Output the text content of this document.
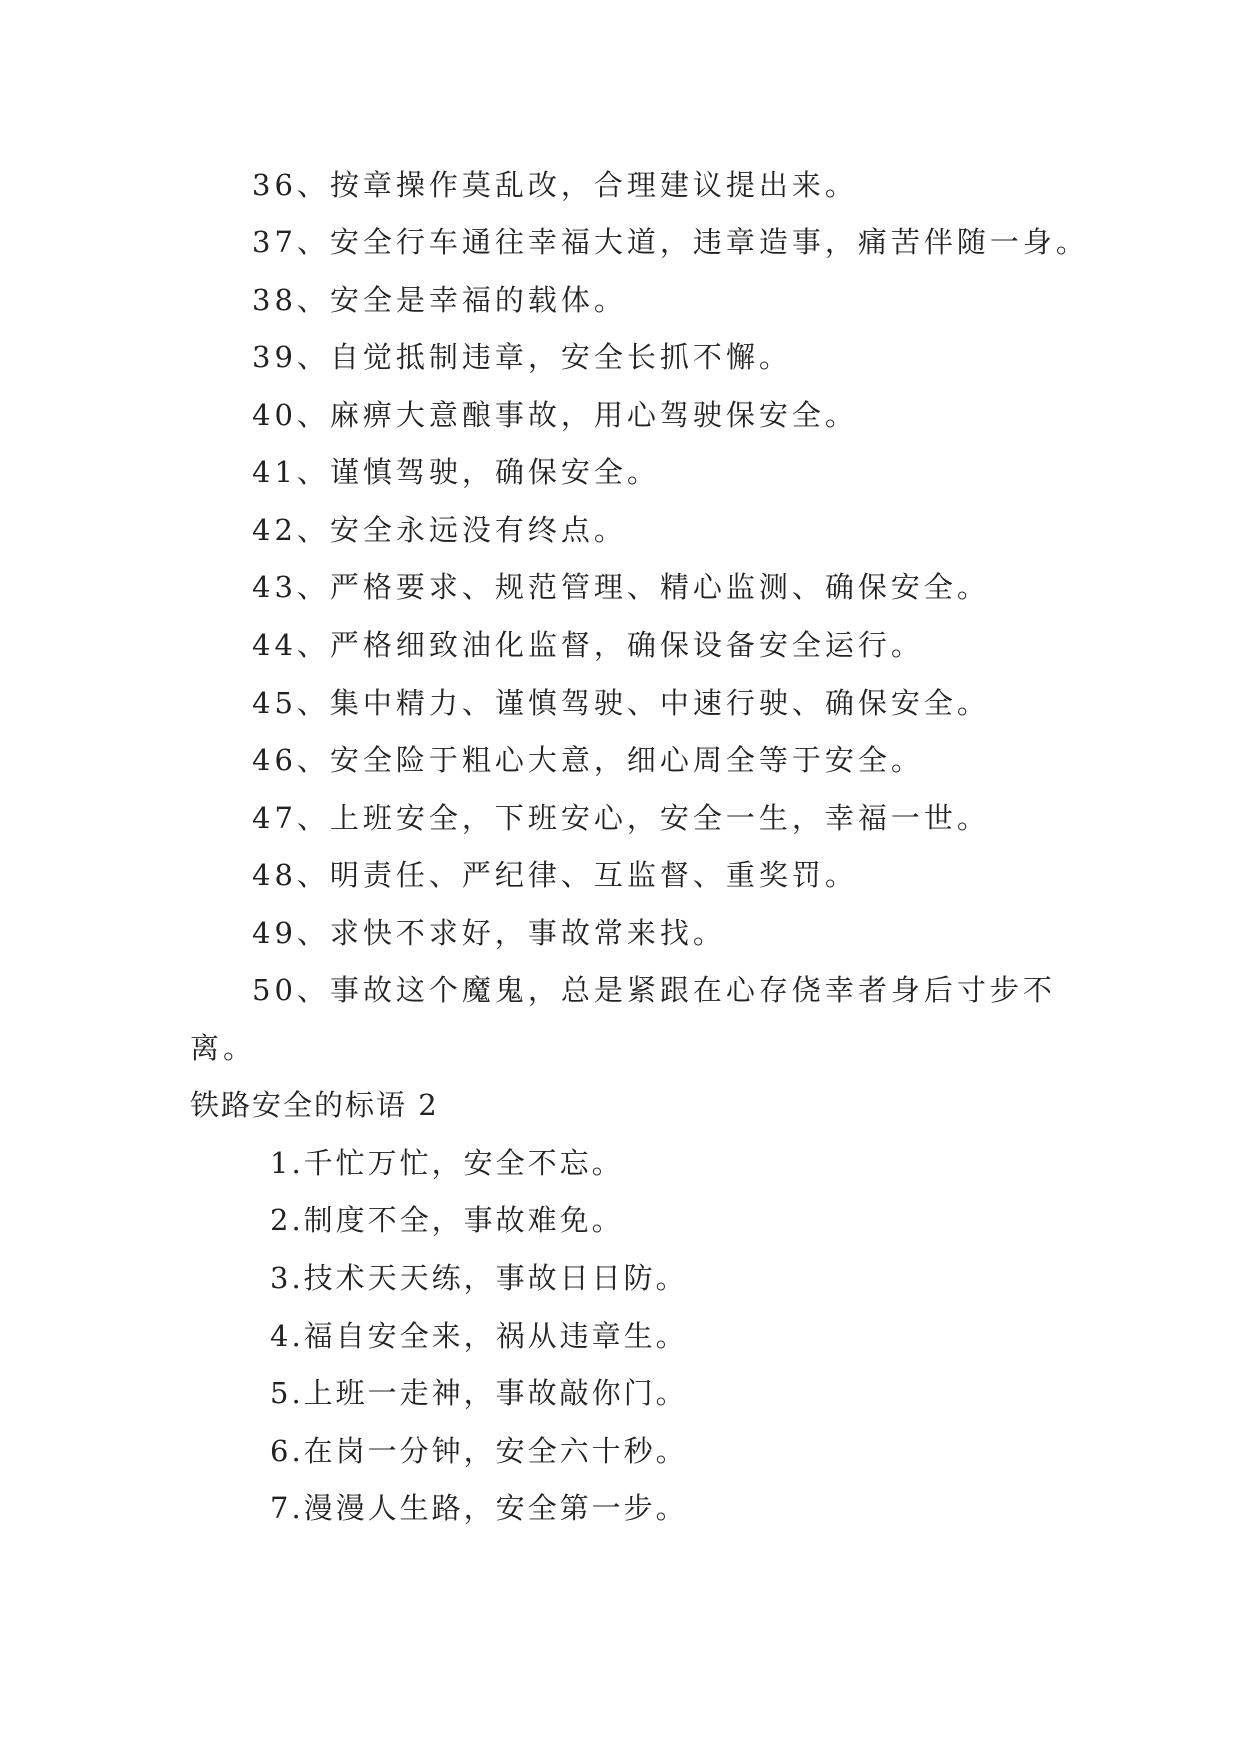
36、按章操作莫乱改，合理建议提出来。
37、安全行车通往幸福大道，违章造事，痛苦伴随一身。
38、安全是幸福的载体。
39、自觉抵制违章，安全长抓不懈。
40、麻痹大意酿事故，用心驾驶保安全。
41、谨慎驾驶，确保安全。
42、安全永远没有终点。
43、严格要求、规范管理、精心监测、确保安全。
44、严格细致油化监督，确保设备安全运行。
45、集中精力、谨慎驾驶、中速行驶、确保安全。
46、安全险于粗心大意，细心周全等于安全。
47、上班安全，下班安心，安全一生，幸福一世。
48、明责任、严纪律、互监督、重奖罚。
49、求快不求好，事故常来找。
50、事故这个魔鬼，总是紧跟在心存侥幸者身后寸步不
离。
铁路安全的标语 2
1.千忙万忙，安全不忘。
2.制度不全，事故难免。
3.技术天天练，事故日日防。
4.福自安全来，祸从违章生。
5.上班一走神，事故敲你门。
6.在岗一分钟，安全六十秒。
7.漫漫人生路，安全第一步。
